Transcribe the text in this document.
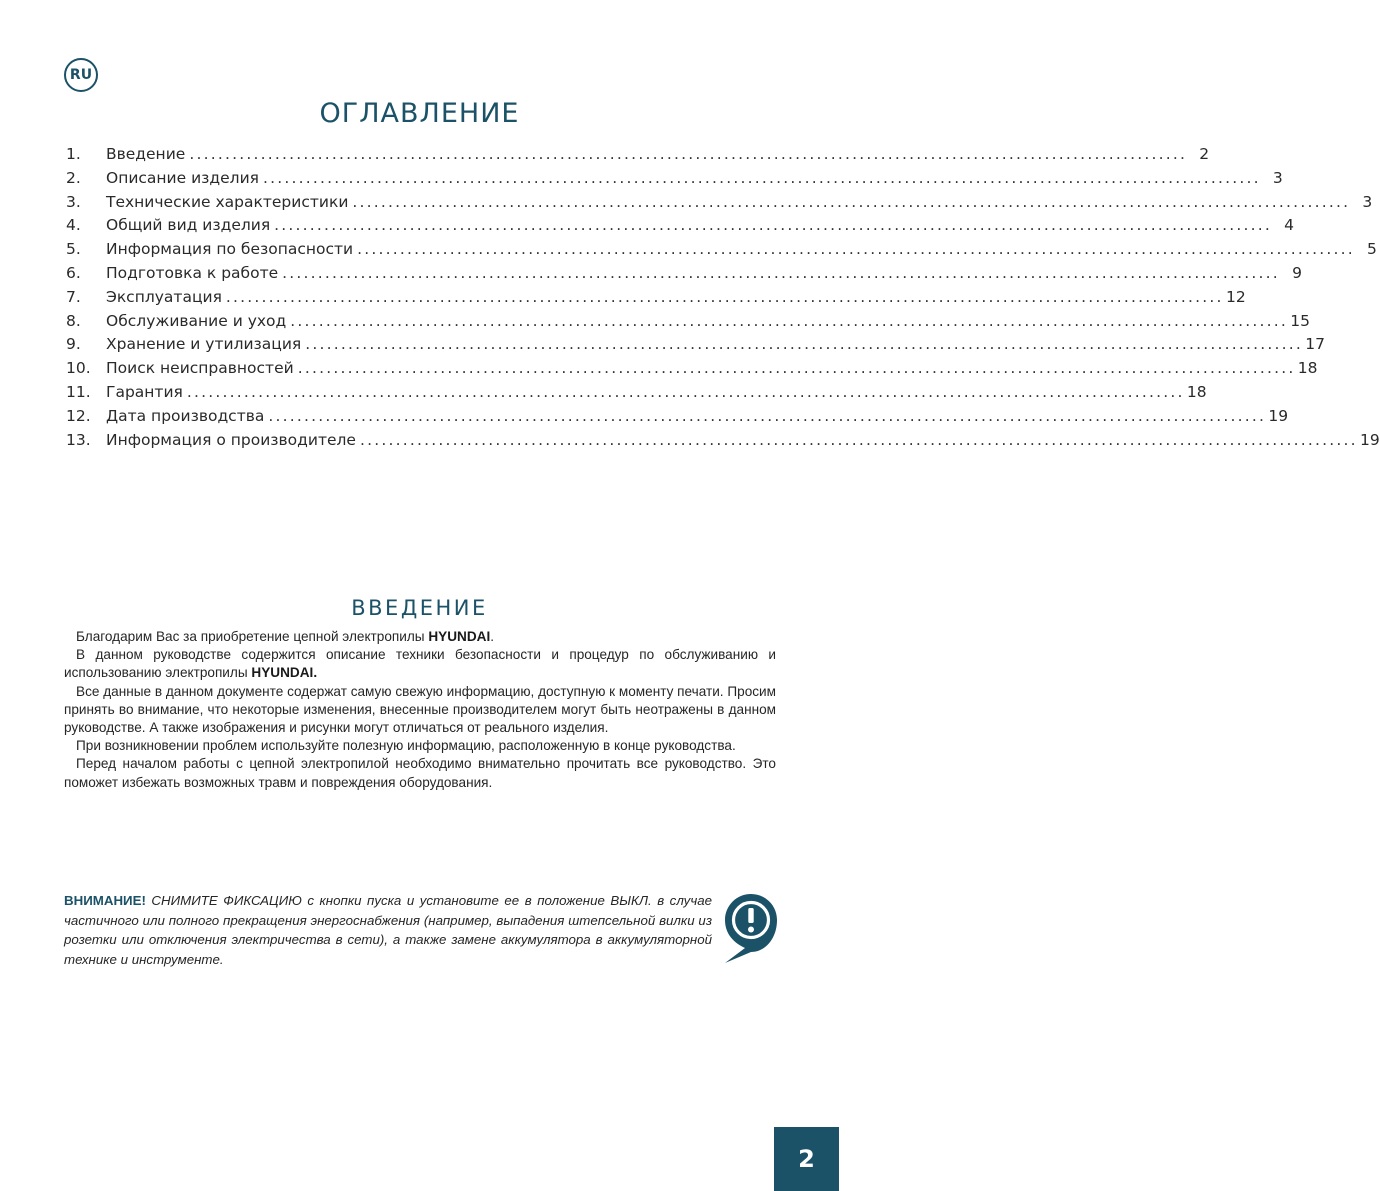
RU
ОГЛАВЛЕНИЕ
1.	Введение ............................................................................................................................................ 2
2.	Описание изделия ............................................................................................................................................ 3
3.	Технические характеристики ............................................................................................................................................ 3
4.	Общий вид изделия ............................................................................................................................................ 4
5.	Информация по безопасности ............................................................................................................................................ 5
6.	Подготовка к работе ............................................................................................................................................ 9
7.	Эксплуатация ............................................................................................................................................ 12
8.	Обслуживание и уход ............................................................................................................................................ 15
9.	Хранение и утилизация ............................................................................................................................................ 17
10. Поиск неисправностей ............................................................................................................................................ 18
11. Гарантия ............................................................................................................................................ 18
12. Дата производства ............................................................................................................................................ 19
13. Информация о производителе ............................................................................................................................................ 19
ВВЕДЕНИЕ

Благодарим Вас за приобретение цепной электропилы HYUNDAI.

В данном руководстве содержится описание техники безопасности и процедур по обслуживанию и использованию электропилы HYUNDAI.

Все данные в данном документе содержат самую свежую информацию, доступную к моменту печати. Просим принять во внимание, что некоторые изменения, внесенные производителем могут быть неотражены в данном руководстве. А также изображения и рисунки могут отличаться от реального изделия.

При возникновении проблем используйте полезную информацию, расположенную в конце руководства.

Перед началом работы с цепной электропилой необходимо внимательно прочитать все руководство. Это поможет избежать возможных травм и повреждения оборудования.

ВНИМАНИЕ! СНИМИТЕ ФИКСАЦИЮ с кнопки пуска и установите ее в положение ВЫКЛ. в случае частичного или полного прекращения энергоснабжения (например, выпадения штепсельной вилки из розетки или отключения электричества в сети), а также замене аккумулятора в аккумуляторной технике и инструменте.

2
